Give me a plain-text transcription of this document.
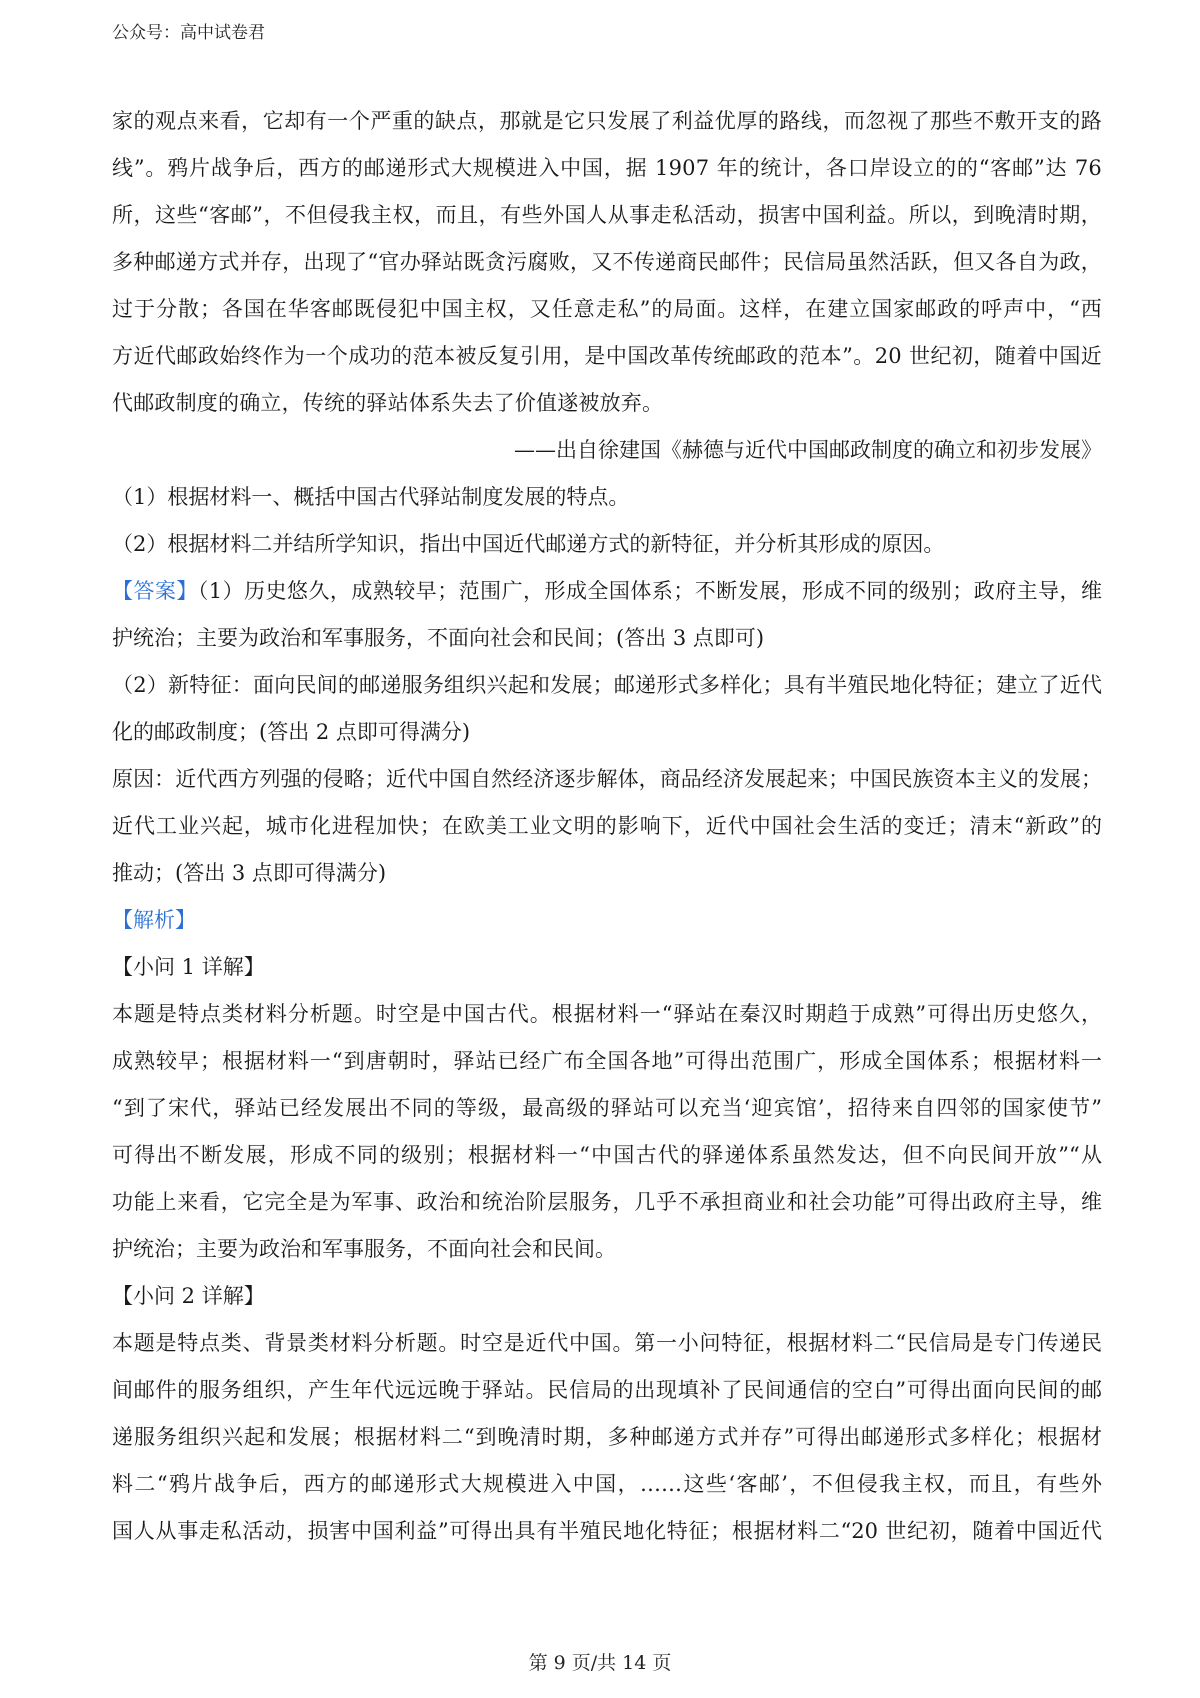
公众号：高中试卷君
家的观点来看，它却有一个严重的缺点，那就是它只发展了利益优厚的路线，而忽视了那些不敷开支的路
线”。鸦片战争后，西方的邮递形式大规模进入中国，据 1907 年的统计，各口岸设立的的“客邮”达 76
所，这些“客邮”，不但侵我主权，而且，有些外国人从事走私活动，损害中国利益。所以，到晚清时期，
多种邮递方式并存，出现了“官办驿站既贪污腐败，又不传递商民邮件；民信局虽然活跃，但又各自为政，
过于分散；各国在华客邮既侵犯中国主权，又任意走私”的局面。这样，在建立国家邮政的呼声中，“西
方近代邮政始终作为一个成功的范本被反复引用，是中国改革传统邮政的范本”。20 世纪初，随着中国近
代邮政制度的确立，传统的驿站体系失去了价值遂被放弃。
——出自徐建国《赫德与近代中国邮政制度的确立和初步发展》
（1）根据材料一、概括中国古代驿站制度发展的特点。
（2）根据材料二并结所学知识，指出中国近代邮递方式的新特征，并分析其形成的原因。
【答案】（1）历史悠久，成熟较早；范围广，形成全国体系；不断发展，形成不同的级别；政府主导，维
护统治；主要为政治和军事服务，不面向社会和民间；(答出 3 点即可)
（2）新特征：面向民间的邮递服务组织兴起和发展；邮递形式多样化；具有半殖民地化特征；建立了近代
化的邮政制度；(答出 2 点即可得满分)
原因：近代西方列强的侵略；近代中国自然经济逐步解体，商品经济发展起来；中国民族资本主义的发展；
近代工业兴起，城市化进程加快；在欧美工业文明的影响下，近代中国社会生活的变迁；清末“新政”的
推动；(答出 3 点即可得满分)
【解析】
【小问 1 详解】
本题是特点类材料分析题。时空是中国古代。根据材料一“驿站在秦汉时期趋于成熟”可得出历史悠久，
成熟较早；根据材料一“到唐朝时，驿站已经广布全国各地”可得出范围广，形成全国体系；根据材料一
“到了宋代，驿站已经发展出不同的等级，最高级的驿站可以充当‘迎宾馆’，招待来自四邻的国家使节”
可得出不断发展，形成不同的级别；根据材料一“中国古代的驿递体系虽然发达，但不向民间开放”“从
功能上来看，它完全是为军事、政治和统治阶层服务，几乎不承担商业和社会功能”可得出政府主导，维
护统治；主要为政治和军事服务，不面向社会和民间。
【小问 2 详解】
本题是特点类、背景类材料分析题。时空是近代中国。第一小问特征，根据材料二“民信局是专门传递民
间邮件的服务组织，产生年代远远晚于驿站。民信局的出现填补了民间通信的空白”可得出面向民间的邮
递服务组织兴起和发展；根据材料二“到晚清时期，多种邮递方式并存”可得出邮递形式多样化；根据材
料二“鸦片战争后，西方的邮递形式大规模进入中国，……这些‘客邮’，不但侵我主权，而且，有些外
国人从事走私活动，损害中国利益”可得出具有半殖民地化特征；根据材料二“20 世纪初，随着中国近代
第 9 页/共 14 页
